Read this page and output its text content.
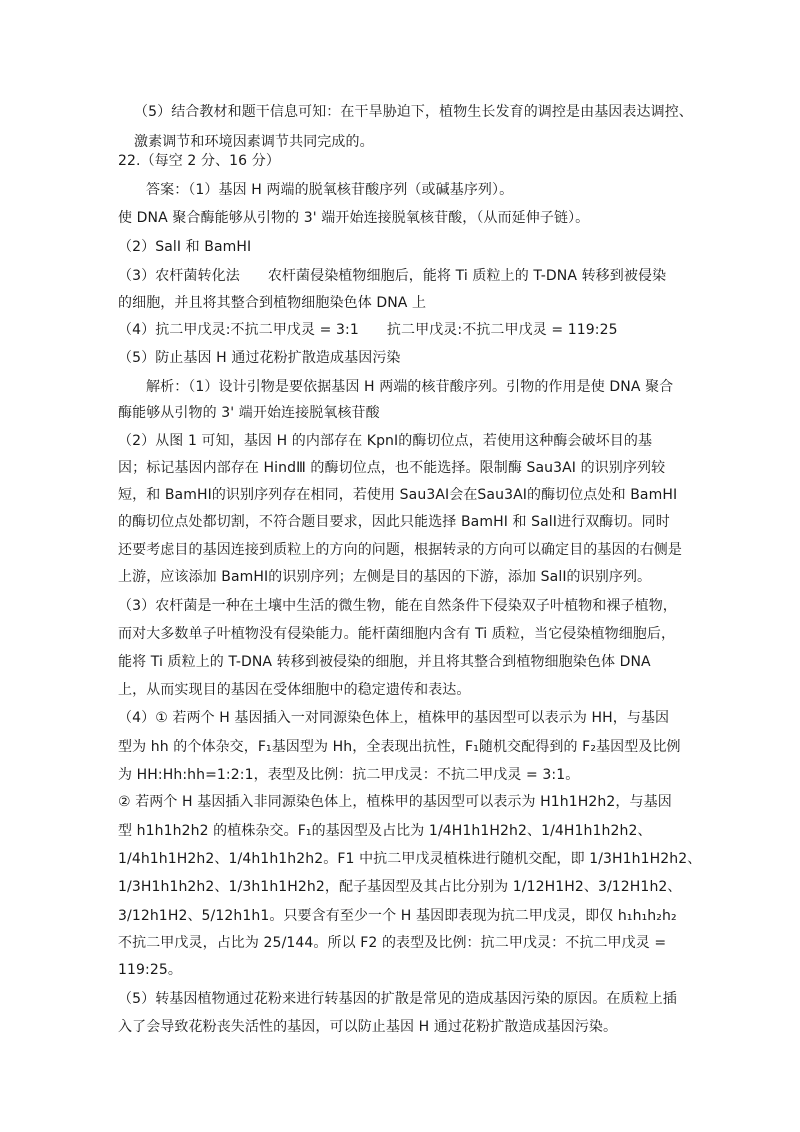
（5）结合教材和题干信息可知：在干旱胁迫下，植物生长发育的调控是由基因表达调控、
激素调节和环境因素调节共同完成的。
22.（每空 2 分、16 分）
答案：（1）基因 H 两端的脱氧核苷酸序列（或碱基序列）。
使 DNA 聚合酶能够从引物的 3' 端开始连接脱氧核苷酸，（从而延伸子链）。
（2）SalI 和 BamHI
（3）农杆菌转化法 农杆菌侵染植物细胞后，能将 Ti 质粒上的 T-DNA 转移到被侵染
的细胞，并且将其整合到植物细胞染色体 DNA 上
（4）抗二甲戊灵:不抗二甲戊灵 = 3:1 抗二甲戊灵:不抗二甲戊灵 = 119:25
（5）防止基因 H 通过花粉扩散造成基因污染
解析：（1）设计引物是要依据基因 H 两端的核苷酸序列。引物的作用是使 DNA 聚合
酶能够从引物的 3' 端开始连接脱氧核苷酸
（2）从图 1 可知，基因 H 的内部存在 KpnⅠ的酶切位点，若使用这种酶会破坏目的基
因；标记基因内部存在 HindⅢ 的酶切位点，也不能选择。限制酶 Sau3AI 的识别序列较
短，和 BamHI的识别序列存在相同，若使用 Sau3AI会在Sau3AI的酶切位点处和 BamHI
的酶切位点处都切割，不符合题目要求，因此只能选择 BamHI 和 SalI进行双酶切。同时
还要考虑目的基因连接到质粒上的方向的问题，根据转录的方向可以确定目的基因的右侧是
上游，应该添加 BamHI的识别序列；左侧是目的基因的下游，添加 SalI的识别序列。
（3）农杆菌是一种在土壤中生活的微生物，能在自然条件下侵染双子叶植物和裸子植物，
而对大多数单子叶植物没有侵染能力。能杆菌细胞内含有 Ti 质粒，当它侵染植物细胞后，
能将 Ti 质粒上的 T-DNA 转移到被侵染的细胞，并且将其整合到植物细胞染色体 DNA
上，从而实现目的基因在受体细胞中的稳定遗传和表达。
（4）① 若两个 H 基因插入一对同源染色体上，植株甲的基因型可以表示为 HH，与基因
型为 hh 的个体杂交，F₁基因型为 Hh，全表现出抗性，F₁随机交配得到的 F₂基因型及比例
为 HH:Hh:hh=1:2:1，表型及比例：抗二甲戊灵：不抗二甲戊灵 = 3:1。
② 若两个 H 基因插入非同源染色体上，植株甲的基因型可以表示为 H1h1H2h2，与基因
型 h1h1h2h2 的植株杂交。F₁的基因型及占比为 1/4H1h1H2h2、1/4H1h1h2h2、
1/4h1h1H2h2、1/4h1h1h2h2。F1 中抗二甲戊灵植株进行随机交配，即 1/3H1h1H2h2、
1/3H1h1h2h2、1/3h1h1H2h2，配子基因型及其占比分别为 1/12H1H2、3/12H1h2、
3/12h1H2、5/12h1h1。只要含有至少一个 H 基因即表现为抗二甲戊灵，即仅 h₁h₁h₂h₂
不抗二甲戊灵，占比为 25/144。所以 F2 的表型及比例：抗二甲戊灵：不抗二甲戊灵 =
119:25。
（5）转基因植物通过花粉来进行转基因的扩散是常见的造成基因污染的原因。在质粒上插
入了会导致花粉丧失活性的基因，可以防止基因 H 通过花粉扩散造成基因污染。
